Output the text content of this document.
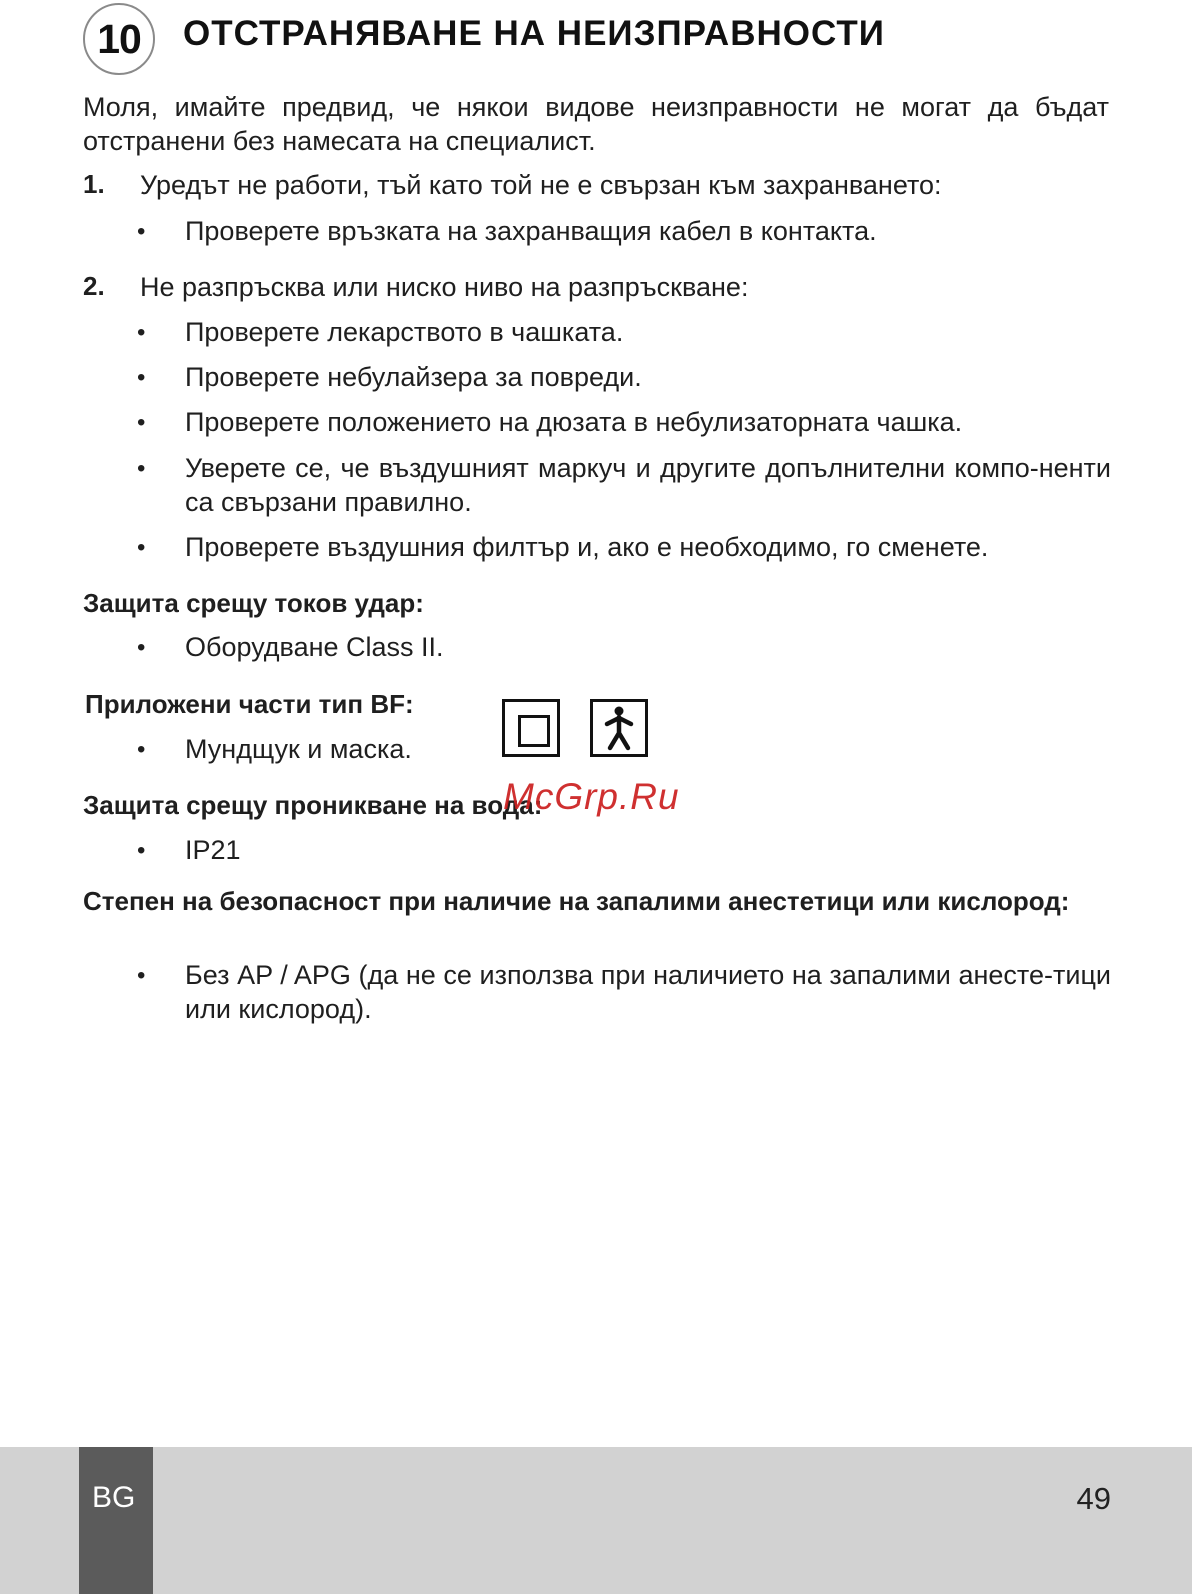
10	ОТСТРАНЯВАНЕ НА НЕИЗПРАВНОСТИ

Моля, имайте предвид, че някои видове неизправности не могат да бъдат отстранени без намесата на специалист.

1. Уредът не работи, тъй като той не е свързан към захранването:
• Проверете връзката на захранващия кабел в контакта.
2. Не разпръсква или ниско ниво на разпръскване:
• Проверете лекарството в чашката.
• Проверете небулайзера за повреди.
• Проверете положението на дюзата в небулизаторната чашка.
• Уверете се, че въздушният маркуч и другите допълнителни компо-ненти са свързани правилно.
• Проверете въздушния филтър и, ако е необходимо, го сменете.
Защита срещу токов удар:
• Оборудване Class II.
Приложени части тип BF:
• Мундщук и маска.
Защита срещу проникване на вода:
• IP21
McGrp.Ru
Степен на безопасност при наличие на запалими анестетици или кислород:
• Без AP / APG (да не се използва при наличието на запалими анесте-тици или кислород).
BG	49
